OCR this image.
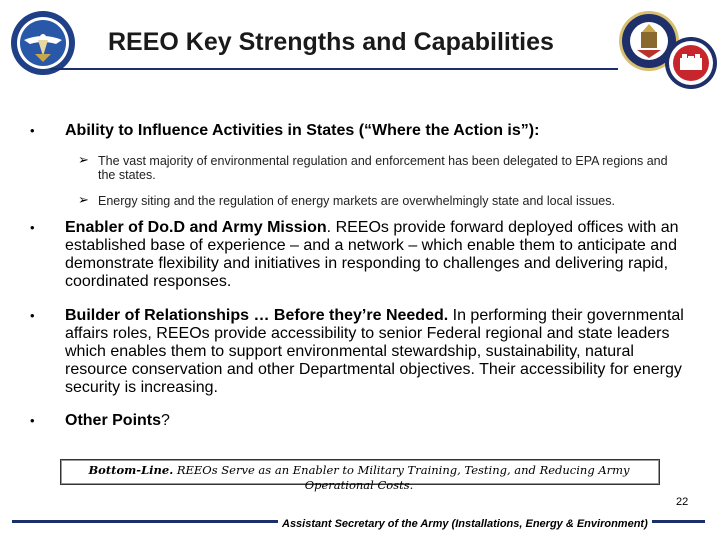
REEO Key Strengths and Capabilities
• Ability to Influence Activities in States (“Where the Action is”):
➢ The vast majority of environmental regulation and enforcement has been delegated to EPA regions and the states.
➢ Energy siting and the regulation of energy markets are overwhelmingly state and local issues.
• Enabler of Do.D and Army Mission. REEOs provide forward deployed offices with an established base of experience – and a network – which enable them to anticipate and demonstrate flexibility and initiatives in responding to challenges and delivering rapid, coordinated responses.
• Builder of Relationships … Before they’re Needed. In performing their governmental affairs roles, REEOs provide accessibility to senior Federal regional and state leaders which enables them to support environmental stewardship, sustainability, natural resource conservation and other Departmental objectives. Their accessibility for energy security is increasing.
• Other Points?
Bottom-Line. REEOs Serve as an Enabler to Military Training, Testing, and Reducing Army Operational Costs.
22
Assistant Secretary of the Army (Installations, Energy & Environment)
